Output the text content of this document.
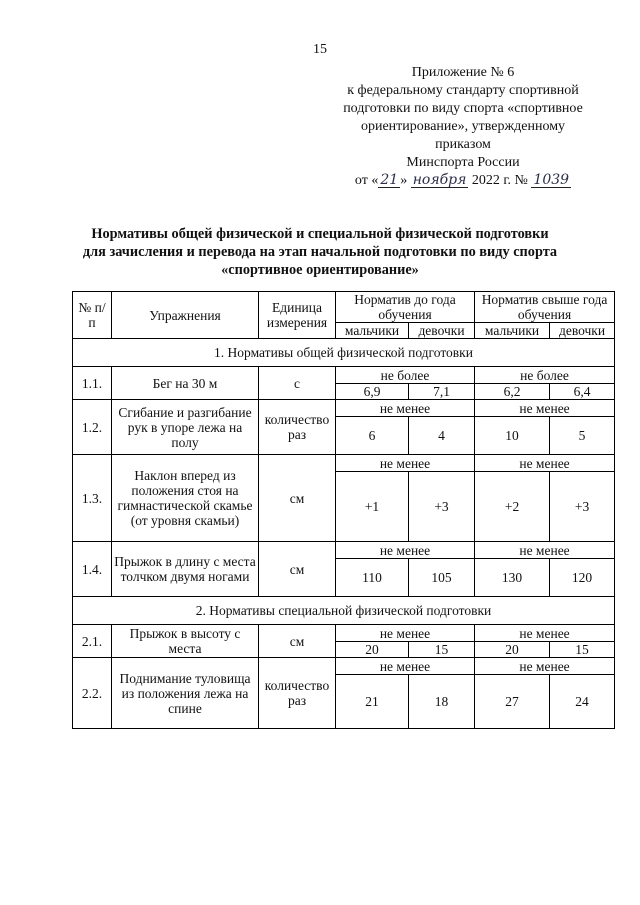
15
Приложение № 6
к федеральному стандарту спортивной
подготовки по виду спорта «спортивное
ориентирование», утвержденному
приказом
Минспорта России
от « 21 » ноября 2022 г. № 1039
Нормативы общей физической и специальной физической подготовки
для зачисления и перевода на этап начальной подготовки по виду спорта
«спортивное ориентирование»
№ п/п	Упражнения	Единица измерения	Норматив до года обучения		Норматив свыше года обучения	
			мальчики	девочки	мальчики	девочки
1. Нормативы общей физической подготовки						
1.1.	Бег на 30 м	с	не более		не более	
			6,9	7,1	6,2	6,4
1.2.	Сгибание и разгибание рук в упоре лежа на полу	количество раз	не менее		не менее	
			6	4	10	5
1.3.	Наклон вперед из положения стоя на гимнастической скамье (от уровня скамьи)	см	не менее		не менее	
			+1	+3	+2	+3
1.4.	Прыжок в длину с места толчком двумя ногами	см	не менее		не менее	
			110	105	130	120
2. Нормативы специальной физической подготовки						
2.1.	Прыжок в высоту с места	см	не менее		не менее	
			20	15	20	15
2.2.	Поднимание туловища из положения лежа на спине	количество раз	не менее		не менее	
			21	18	27	24
